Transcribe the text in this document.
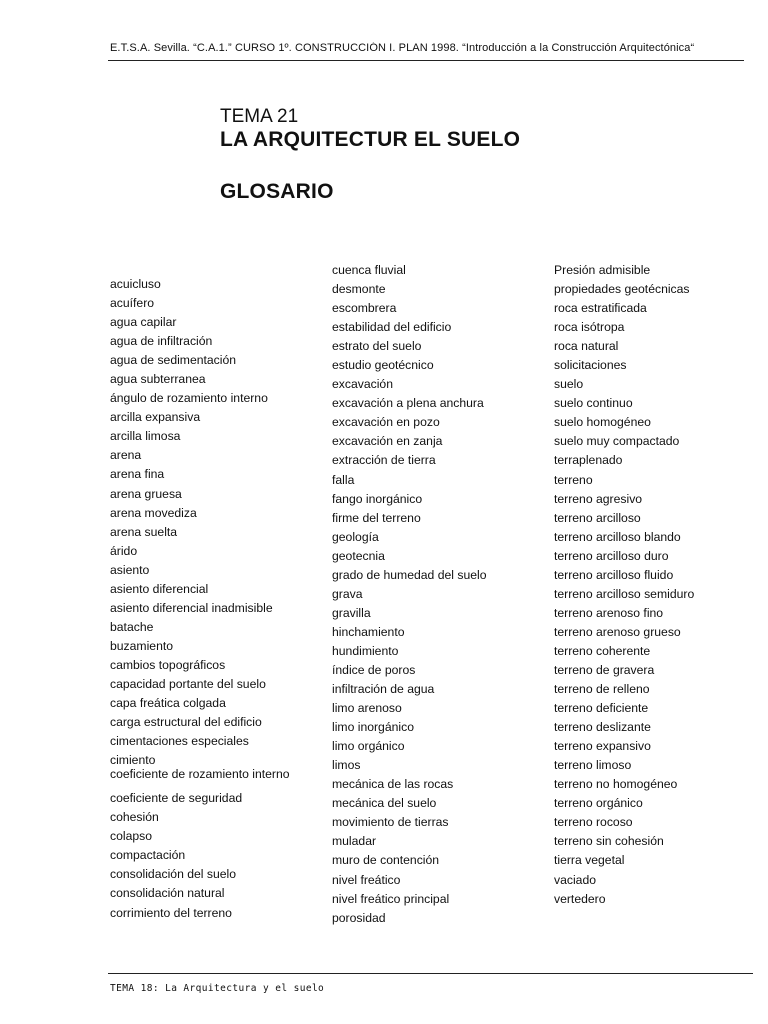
E.T.S.A. Sevilla. “C.A.1.” CURSO 1º. CONSTRUCCIÓN I. PLAN 1998. “Introducción a la Construcción Arquitectónica“
TEMA 21
LA ARQUITECTUR EL SUELO
GLOSARIO
acuicluso
acuífero
agua capilar
agua de infiltración
agua de sedimentación
agua subterranea
ángulo de rozamiento interno
arcilla expansiva
arcilla limosa
arena
arena fina
arena gruesa
arena movediza
arena suelta
árido
asiento
asiento diferencial
asiento diferencial inadmisible
batache
buzamiento
cambios topográficos
capacidad portante del suelo
capa freática colgada
carga estructural del edificio
cimentaciones especiales
cimiento
coeficiente de rozamiento interno
coeficiente de seguridad
cohesión
colapso
compactación
consolidación del suelo
consolidación natural
corrimiento del terreno
cuenca fluvial
desmonte
escombrera
estabilidad del edificio
estrato del suelo
estudio geotécnico
excavación
excavación a plena anchura
excavación en pozo
excavación en zanja
extracción de tierra
falla
fango inorgánico
firme del terreno
geología
geotecnia
grado de humedad del suelo
grava
gravilla
hinchamiento
hundimiento
índice de poros
infiltración de agua
limo arenoso
limo inorgánico
limo orgánico
limos
mecánica de las rocas
mecánica del suelo
movimiento de tierras
muladar
muro de contención
nivel freático
nivel freático principal
porosidad
Presión admisible
propiedades geotécnicas
roca estratificada
roca isótropa
roca natural
solicitaciones
suelo
suelo continuo
suelo homogéneo
suelo muy compactado
terraplenado
terreno
terreno agresivo
terreno arcilloso
terreno arcilloso blando
terreno arcilloso duro
terreno arcilloso fluido
terreno arcilloso semiduro
terreno arenoso fino
terreno arenoso grueso
terreno coherente
terreno de gravera
terreno de relleno
terreno deficiente
terreno deslizante
terreno expansivo
terreno limoso
terreno no homogéneo
terreno orgánico
terreno rocoso
terreno sin cohesión
tierra vegetal
vaciado
vertedero
TEMA 18: La Arquitectura y el suelo
